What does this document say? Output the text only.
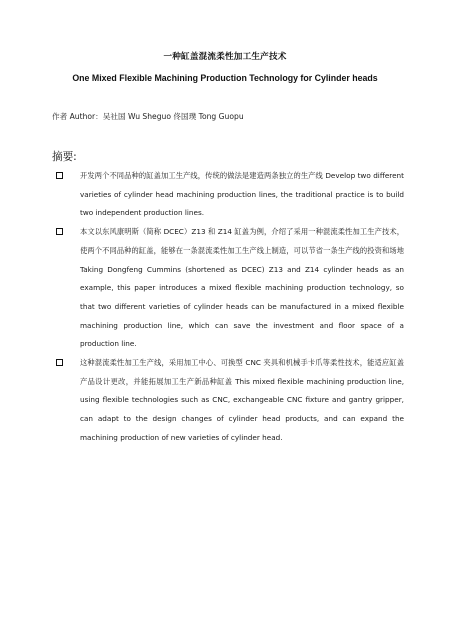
一种缸盖混流柔性加工生产技术
One Mixed Flexible Machining Production Technology for Cylinder heads
作者 Author：吴社国 Wu Sheguo 佟国璞 Tong Guopu
摘要:
开发两个不同品种的缸盖加工生产线，传统的做法是建造两条独立的生产线 Develop two different varieties of cylinder head machining production lines, the traditional practice is to build two independent production lines.
本文以东风康明斯（简称 DCEC）Z13 和 Z14 缸盖为例，介绍了采用一种混流柔性加工生产技术，使两个不同品种的缸盖，能够在一条混流柔性加工生产线上制造，可以节省一条生产线的投资和场地 Taking Dongfeng Cummins (shortened as DCEC) Z13 and Z14 cylinder heads as an example, this paper introduces a mixed flexible machining production technology, so that two different varieties of cylinder heads can be manufactured in a mixed flexible machining production line, which can save the investment and floor space of a production line.
这种混流柔性加工生产线，采用加工中心、可换型 CNC 夹具和机械手卡爪等柔性技术，能适应缸盖产品设计更改，并能拓展加工生产新品种缸盖 This mixed flexible machining production line, using flexible technologies such as CNC, exchangeable CNC fixture and gantry gripper, can adapt to the design changes of cylinder head products, and can expand the machining production of new varieties of cylinder head.
